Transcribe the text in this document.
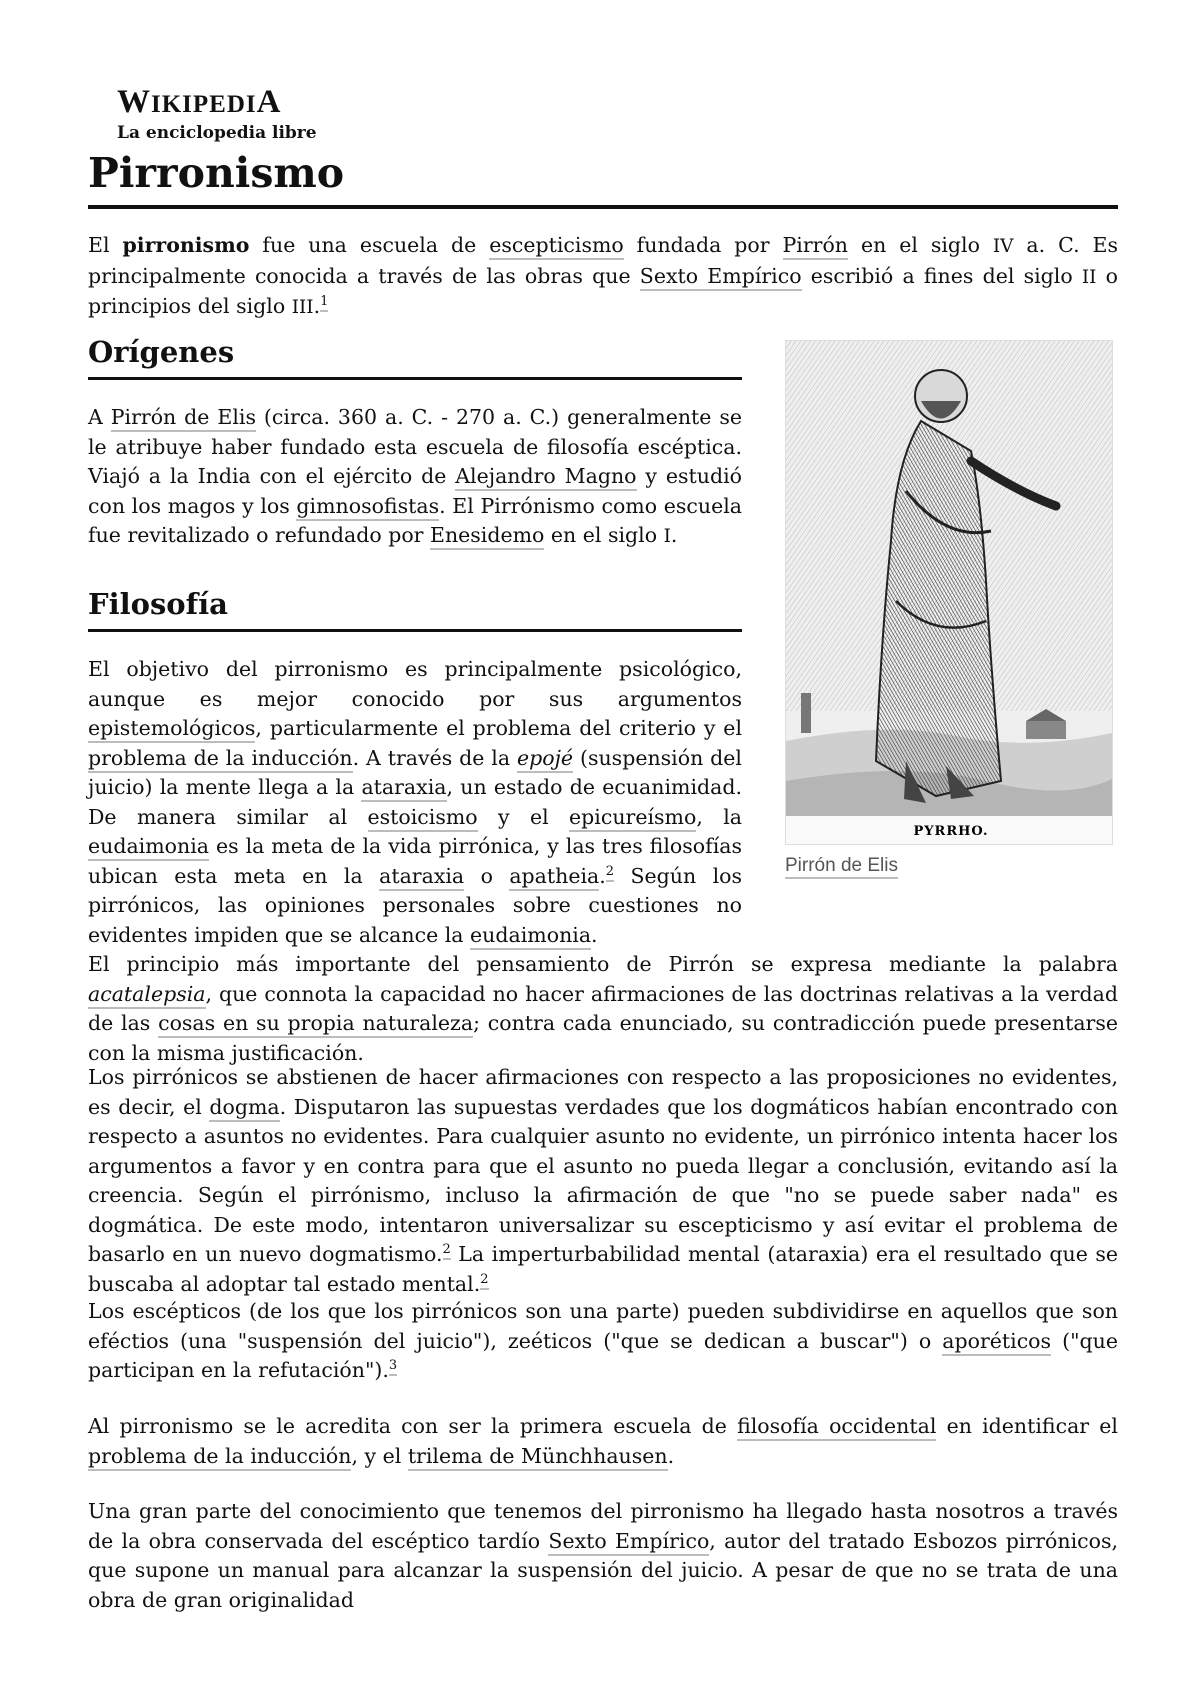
WIKIPEDIA
La enciclopedia libre
Pirronismo

El pirronismo fue una escuela de escepticismo fundada por Pirrón en el siglo IV a. C. Es principalmente conocida a través de las obras que Sexto Empírico escribió a fines del siglo II o principios del siglo III.$^1$

Orígenes

A Pirrón de Elis (circa. 360 a. C. - 270 a. C.) generalmente se le atribuye haber fundado esta escuela de filosofía escéptica. Viajó a la India con el ejército de Alejandro Magno y estudió con los magos y los gimnosofistas. El Pirrónismo como escuela fue revitalizado o refundado por Enesidemo en el siglo I.

Filosofía

El objetivo del pirronismo es principalmente psicológico, aunque es mejor conocido por sus argumentos epistemológicos, particularmente el problema del criterio y el problema de la inducción. A través de la epojé (suspensión del juicio) la mente llega a la ataraxia, un estado de ecuanimidad. De manera similar al estoicismo y el epicureísmo, la eudaimonia es la meta de la vida pirrónica, y las tres filosofías ubican esta meta en la ataraxia o apatheia.$^2$ Según los pirrónicos, las opiniones personales sobre cuestiones no evidentes impiden que se alcance la eudaimonia.

PYRRHO.
Pirrón de Elis

El principio más importante del pensamiento de Pirrón se expresa mediante la palabra acatalepsia, que connota la capacidad no hacer afirmaciones de las doctrinas relativas a la verdad de las cosas en su propia naturaleza; contra cada enunciado, su contradicción puede presentarse con la misma justificación.

Los pirrónicos se abstienen de hacer afirmaciones con respecto a las proposiciones no evidentes, es decir, el dogma. Disputaron las supuestas verdades que los dogmáticos habían encontrado con respecto a asuntos no evidentes. Para cualquier asunto no evidente, un pirrónico intenta hacer los argumentos a favor y en contra para que el asunto no pueda llegar a conclusión, evitando así la creencia. Según el pirrónismo, incluso la afirmación de que "no se puede saber nada" es dogmática. De este modo, intentaron universalizar su escepticismo y así evitar el problema de basarlo en un nuevo dogmatismo.$^2$ La imperturbabilidad mental (ataraxia) era el resultado que se buscaba al adoptar tal estado mental.$^2$

Los escépticos (de los que los pirrónicos son una parte) pueden subdividirse en aquellos que son eféctios (una "suspensión del juicio"), zeéticos ("que se dedican a buscar") o aporéticos ("que participan en la refutación").$^3$

Al pirronismo se le acredita con ser la primera escuela de filosofía occidental en identificar el problema de la inducción, y el trilema de Münchhausen.

Una gran parte del conocimiento que tenemos del pirronismo ha llegado hasta nosotros a través de la obra conservada del escéptico tardío Sexto Empírico, autor del tratado Esbozos pirrónicos, que supone un manual para alcanzar la suspensión del juicio. A pesar de que no se trata de una obra de gran originalidad
